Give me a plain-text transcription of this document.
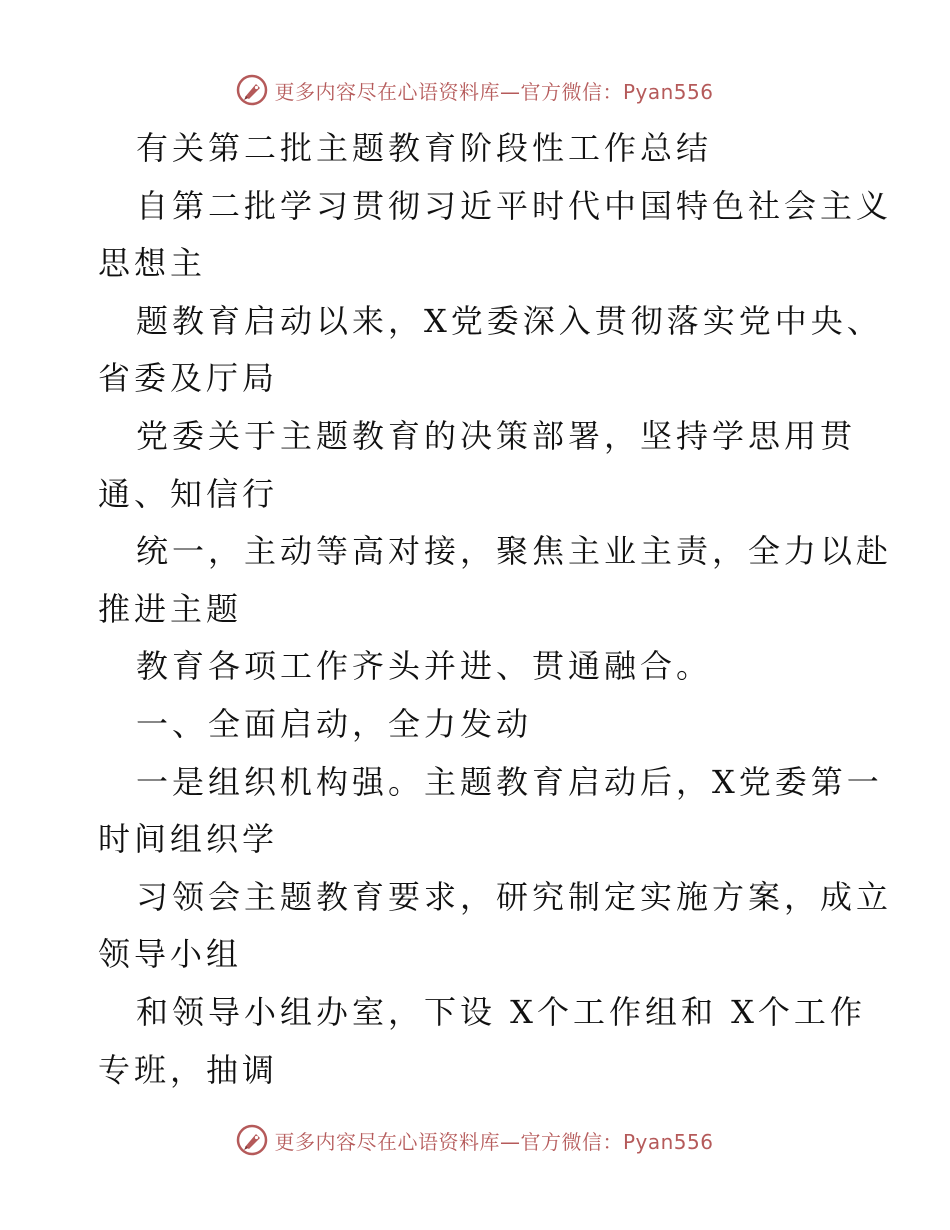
更多内容尽在心语资料库—官方微信：Pyan556
有关第二批主题教育阶段性工作总结
自第二批学习贯彻习近平时代中国特色社会主义
思想主
题教育启动以来，X党委深入贯彻落实党中央、
省委及厅局
党委关于主题教育的决策部署，坚持学思用贯
通、知信行
统一，主动等高对接，聚焦主业主责，全力以赴
推进主题
教育各项工作齐头并进、贯通融合。
一、全面启动，全力发动
一是组织机构强。主题教育启动后，X党委第一
时间组织学
习领会主题教育要求，研究制定实施方案，成立
领导小组
和领导小组办室，下设 X个工作组和 X个工作
专班，抽调
更多内容尽在心语资料库—官方微信：Pyan556
